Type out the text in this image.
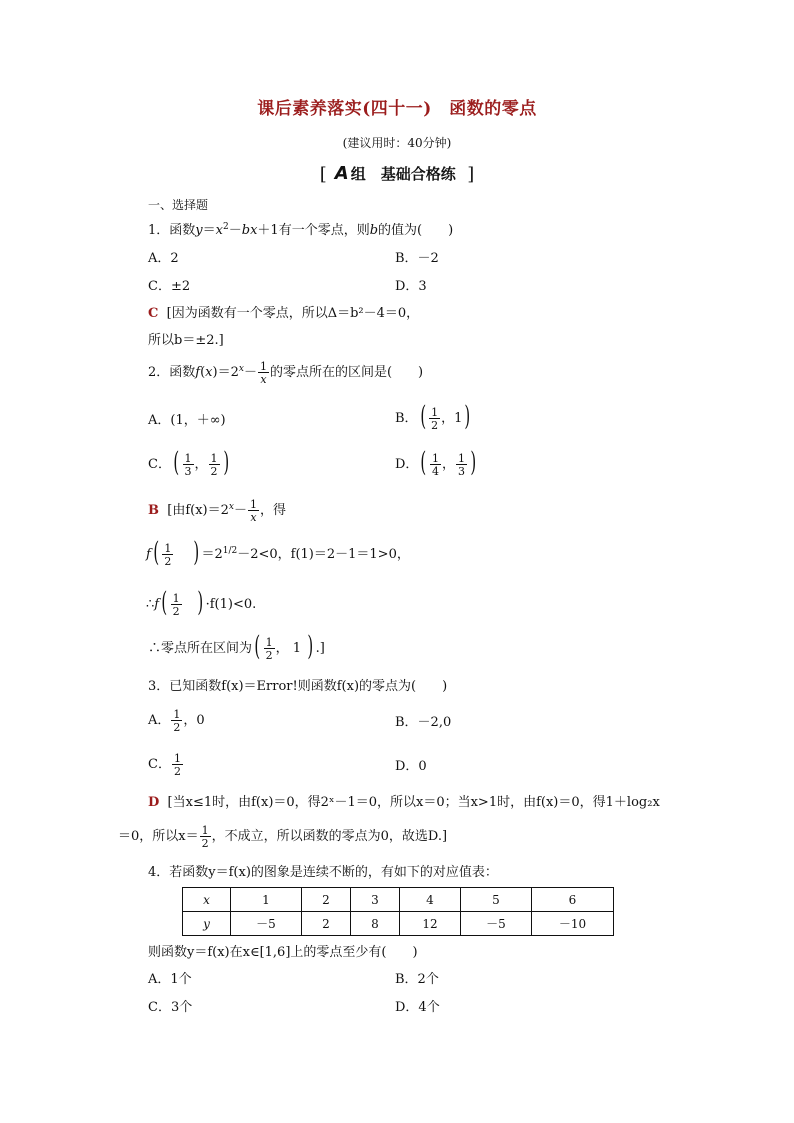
课后素养落实(四十一)　函数的零点
(建议用时：40分钟)
[ A 组　基础合格练  ]
一、选择题
1．函数$y=x^2-bx+1$有一个零点，则b的值为(　　)
A．2	B．－2
C．±2	D．3
C [因为函数有一个零点，所以Δ＝b²－4＝0，
所以b＝±2.]
2．函数$f(x)=2^x- \frac{1}{x}$ 的零点所在的区间是(　　)
A．(1，＋∞)	B．( $\frac{1}{2}$ ，1)
C．( $\frac{1}{3}$ ， $\frac{1}{2}$ )	D．( $\frac{1}{4}$ ， $\frac{1}{3}$ )
B [由$f(x)=2^x- \frac{1}{x}$ ，得
$f( \frac{1}{2}$ ) $=2^{1/2}-2<0$，f(1)＝2－1＝1>0，
∴f( $\frac{1}{2}$ ) ·f(1)<0.
∴零点所在区间为( $\frac{1}{2}$ ， 1 ) .]
3．已知函数f(x)＝Error!则函数f(x)的零点为(　　)
A． $\frac{1}{2}$ ，0	B．－2,0
C． $\frac{1}{2}$	D．0
D [当x≤1时，由f(x)＝0，得2ˣ－1＝0，所以x＝0；当x>1时，由f(x)＝0，得1＋log₂x
＝0，所以$x= \frac{1}{2}$ ，不成立，所以函数的零点为0，故选D.]
4．若函数y＝f(x)的图象是连续不断的，有如下的对应值表：
x	1	2	3	4	5	6
y	－5	2	8	12	－5	－10
则函数y＝f(x)在x∈[1,6]上的零点至少有(　　)
A．1个	B．2个
C．3个	D．4个
